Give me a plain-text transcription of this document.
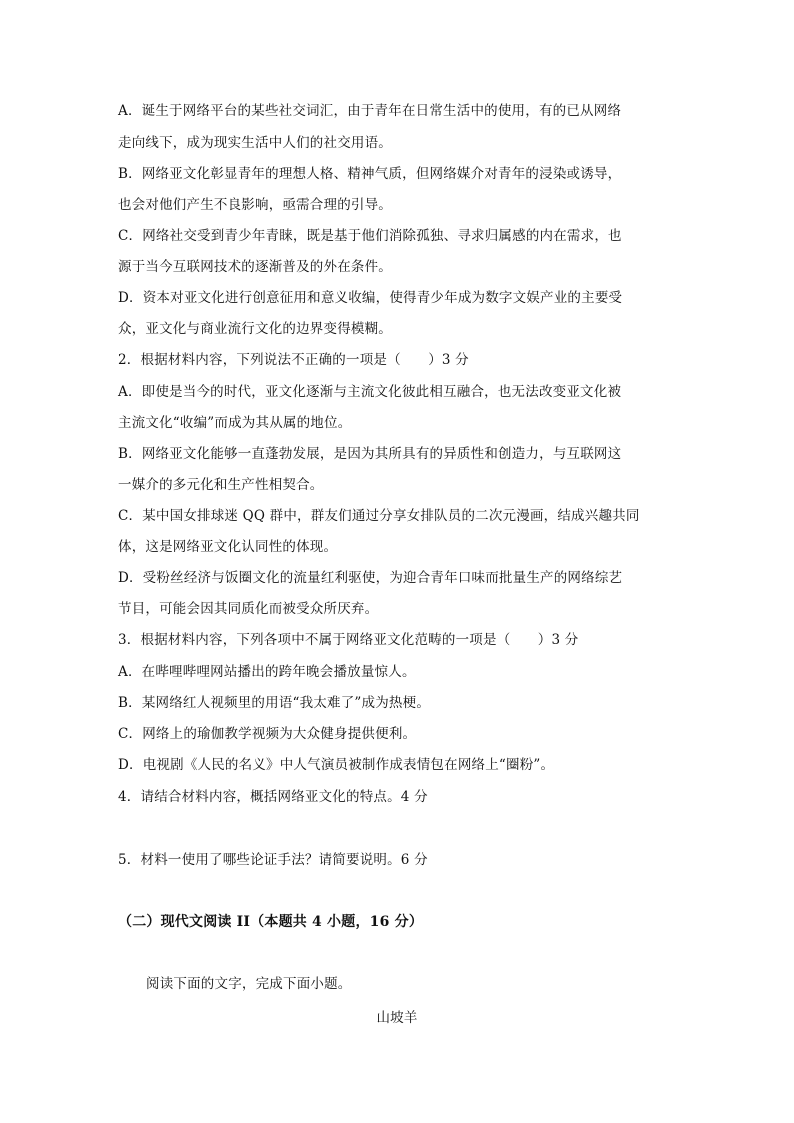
A．诞生于网络平台的某些社交词汇，由于青年在日常生活中的使用，有的已从网络
走向线下，成为现实生活中人们的社交用语。
B．网络亚文化彰显青年的理想人格、精神气质，但网络媒介对青年的浸染或诱导，
也会对他们产生不良影响，亟需合理的引导。
C．网络社交受到青少年青睐，既是基于他们消除孤独、寻求归属感的内在需求，也
源于当今互联网技术的逐渐普及的外在条件。
D．资本对亚文化进行创意征用和意义收编，使得青少年成为数字文娱产业的主要受
众，亚文化与商业流行文化的边界变得模糊。
2．根据材料内容，下列说法不正确的一项是（　　）3 分
A．即使是当今的时代，亚文化逐渐与主流文化彼此相互融合，也无法改变亚文化被
主流文化“收编”而成为其从属的地位。
B．网络亚文化能够一直蓬勃发展，是因为其所具有的异质性和创造力，与互联网这
一媒介的多元化和生产性相契合。
C．某中国女排球迷 QQ 群中，群友们通过分享女排队员的二次元漫画，结成兴趣共同
体，这是网络亚文化认同性的体现。
D．受粉丝经济与饭圈文化的流量红利驱使，为迎合青年口味而批量生产的网络综艺
节目，可能会因其同质化而被受众所厌弃。
3．根据材料内容，下列各项中不属于网络亚文化范畴的一项是（　　）3 分
A．在哔哩哔哩网站播出的跨年晚会播放量惊人。
B．某网络红人视频里的用语“我太难了”成为热梗。
C．网络上的瑜伽教学视频为大众健身提供便利。
D．电视剧《人民的名义》中人气演员被制作成表情包在网络上“圈粉”。
4．请结合材料内容，概括网络亚文化的特点。4 分
5．材料一使用了哪些论证手法？请简要说明。6 分
（二）现代文阅读 II（本题共 4 小题，16 分）
阅读下面的文字，完成下面小题。
山坡羊
